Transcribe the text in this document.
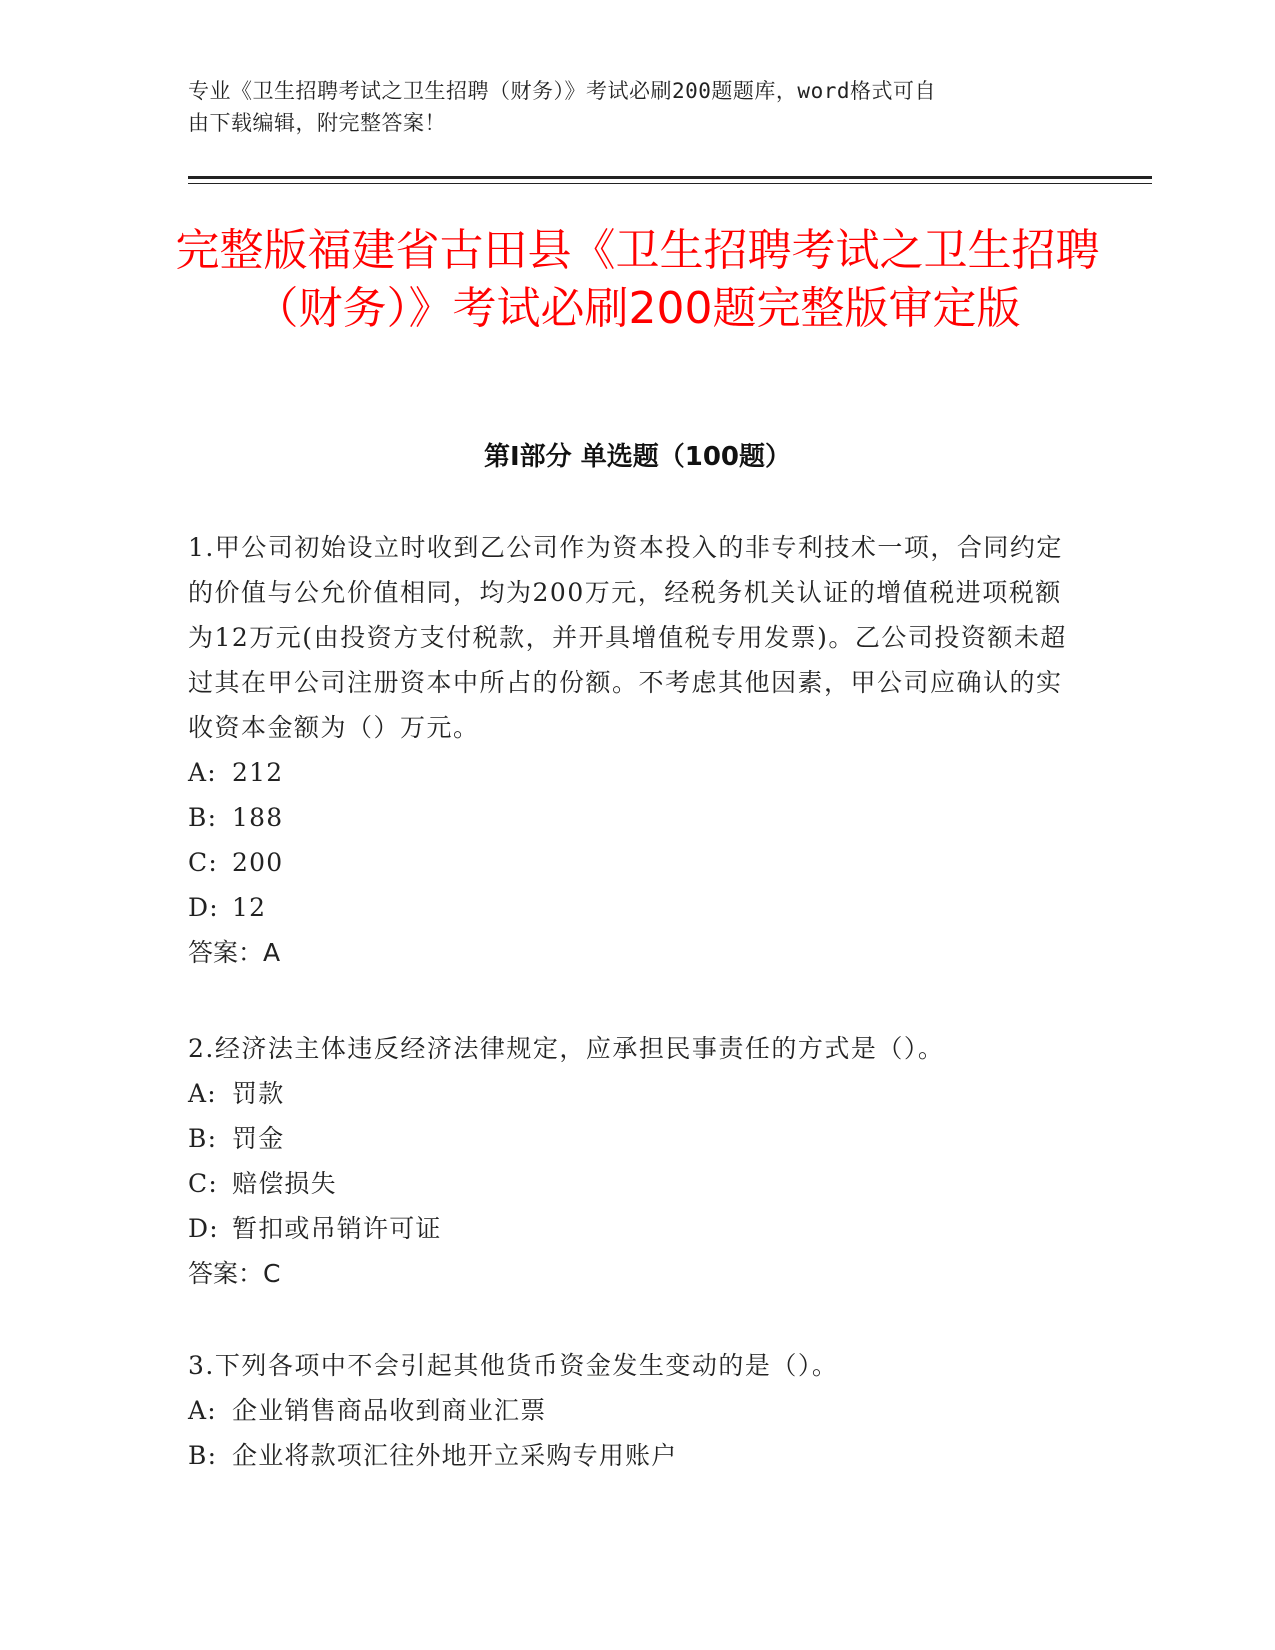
专业《卫生招聘考试之卫生招聘（财务）》考试必刷200题题库，word格式可自
由下载编辑，附完整答案！
完整版福建省古田县《卫生招聘考试之卫生招聘（财务）》考试必刷200题完整版审定版
第Ⅰ部分 单选题（100题）

1.甲公司初始设立时收到乙公司作为资本投入的非专利技术一项，合同约定的价值与公允价值相同，均为200万元，经税务机关认证的增值税进项税额为12万元(由投资方支付税款，并开具增值税专用发票)。乙公司投资额未超过其在甲公司注册资本中所占的份额。不考虑其他因素，甲公司应确认的实收资本金额为（）万元。

A: 212

B: 188

C: 200

D: 12

答案：A

2.经济法主体违反经济法律规定，应承担民事责任的方式是（）。

A: 罚款

B: 罚金

C: 赔偿损失

D: 暂扣或吊销许可证

答案：C

3.下列各项中不会引起其他货币资金发生变动的是（）。

A: 企业销售商品收到商业汇票

B: 企业将款项汇往外地开立采购专用账户
